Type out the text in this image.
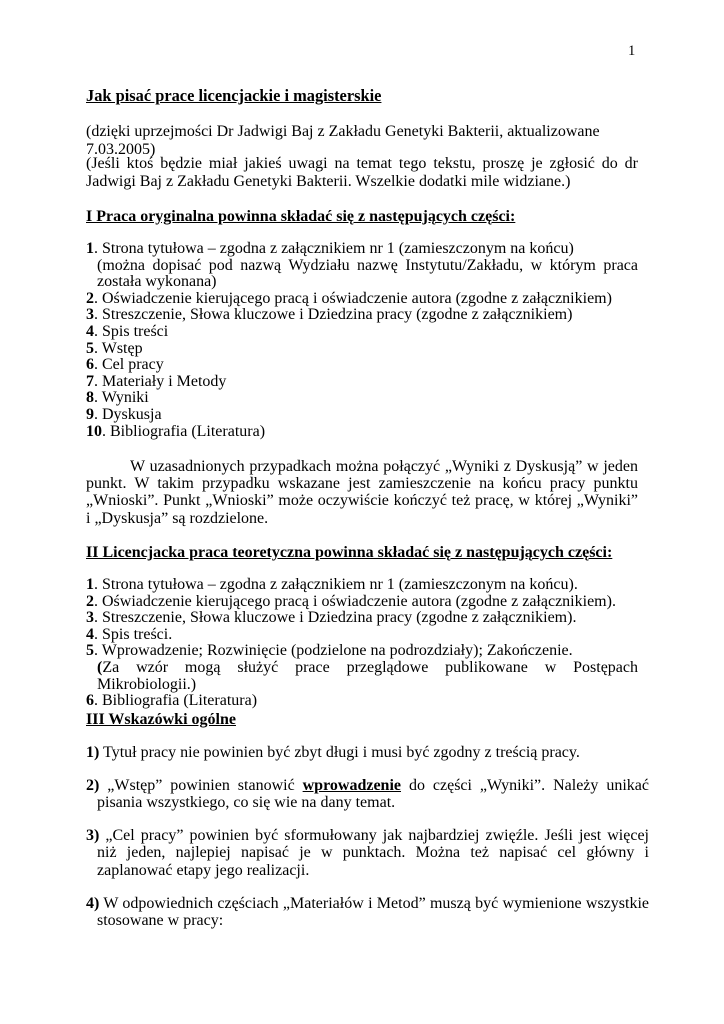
1
Jak pisać prace licencjackie i magisterskie
(dzięki uprzejmości Dr Jadwigi Baj z Zakładu Genetyki Bakterii, aktualizowane 7.03.2005)
(Jeśli ktoś będzie miał jakieś uwagi na temat tego tekstu, proszę je zgłosić do dr Jadwigi Baj z Zakładu Genetyki Bakterii. Wszelkie dodatki mile widziane.)
I Praca oryginalna powinna składać się z następujących części:
1. Strona tytułowa – zgodna z załącznikiem nr 1 (zamieszczonym na końcu)
(można dopisać pod nazwą Wydziału nazwę Instytutu/Zakładu, w którym praca została wykonana)
2. Oświadczenie kierującego pracą i oświadczenie autora (zgodne z załącznikiem)
3. Streszczenie, Słowa kluczowe i Dziedzina pracy (zgodne z załącznikiem)
4. Spis treści
5. Wstęp
6. Cel pracy
7. Materiały i Metody
8. Wyniki
9. Dyskusja
10. Bibliografia (Literatura)
W uzasadnionych przypadkach można połączyć „Wyniki z Dyskusją” w jeden punkt. W takim przypadku wskazane jest zamieszczenie na końcu pracy punktu „Wnioski”. Punkt „Wnioski” może oczywiście kończyć też pracę, w której „Wyniki” i „Dyskusja” są rozdzielone.
II Licencjacka praca teoretyczna powinna składać się z następujących części:
1. Strona tytułowa – zgodna z załącznikiem nr 1 (zamieszczonym na końcu).
2. Oświadczenie kierującego pracą i oświadczenie autora (zgodne z załącznikiem).
3. Streszczenie, Słowa kluczowe i Dziedzina pracy (zgodne z załącznikiem).
4. Spis treści.
5. Wprowadzenie; Rozwinięcie (podzielone na podrozdziały); Zakończenie.
(Za wzór mogą służyć prace przeglądowe publikowane w Postępach Mikrobiologii.)
6. Bibliografia (Literatura)
III Wskazówki ogólne
1) Tytuł pracy nie powinien być zbyt długi i musi być zgodny z treścią pracy.
2) „Wstęp” powinien stanowić wprowadzenie do części „Wyniki”. Należy unikać pisania wszystkiego, co się wie na dany temat.
3) „Cel pracy” powinien być sformułowany jak najbardziej zwięźle. Jeśli jest więcej niż jeden, najlepiej napisać je w punktach. Można też napisać cel główny i zaplanować etapy jego realizacji.
4) W odpowiednich częściach „Materiałów i Metod” muszą być wymienione wszystkie stosowane w pracy:
